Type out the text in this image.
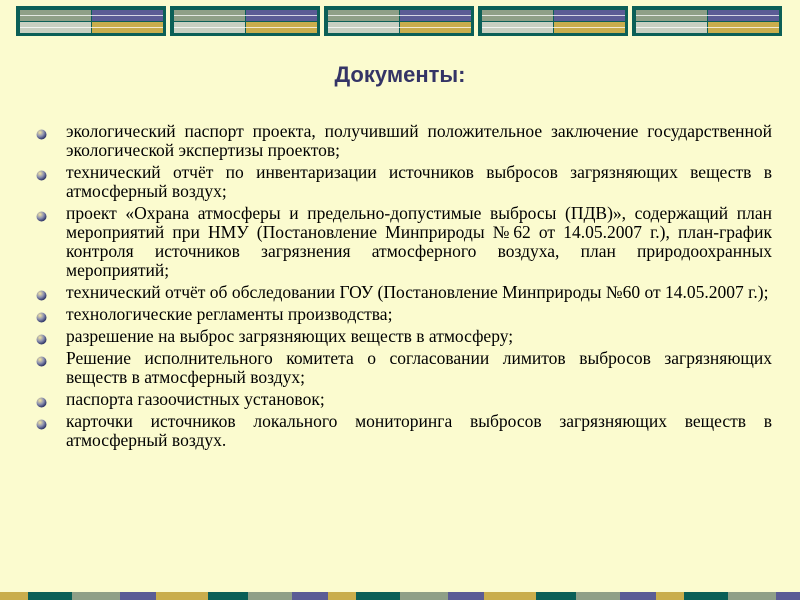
Документы:
экологический паспорт проекта, получивший положительное заключение государственной экологической экспертизы проектов;
технический отчёт по инвентаризации источников выбросов загрязняющих веществ в атмосферный воздух;
проект «Охрана атмосферы и предельно-допустимые выбросы (ПДВ)», содержащий план мероприятий при НМУ (Постановление Минприроды №62 от 14.05.2007 г.), план-график контроля источников загрязнения атмосферного воздуха, план природоохранных мероприятий;
технический отчёт об обследовании ГОУ (Постановление Минприроды №60 от 14.05.2007 г.);
технологические регламенты производства;
разрешение на выброс загрязняющих веществ в атмосферу;
Решение исполнительного комитета о согласовании лимитов выбросов загрязняющих веществ в атмосферный воздух;
паспорта газоочистных установок;
карточки источников локального мониторинга выбросов загрязняющих веществ в атмосферный воздух.
